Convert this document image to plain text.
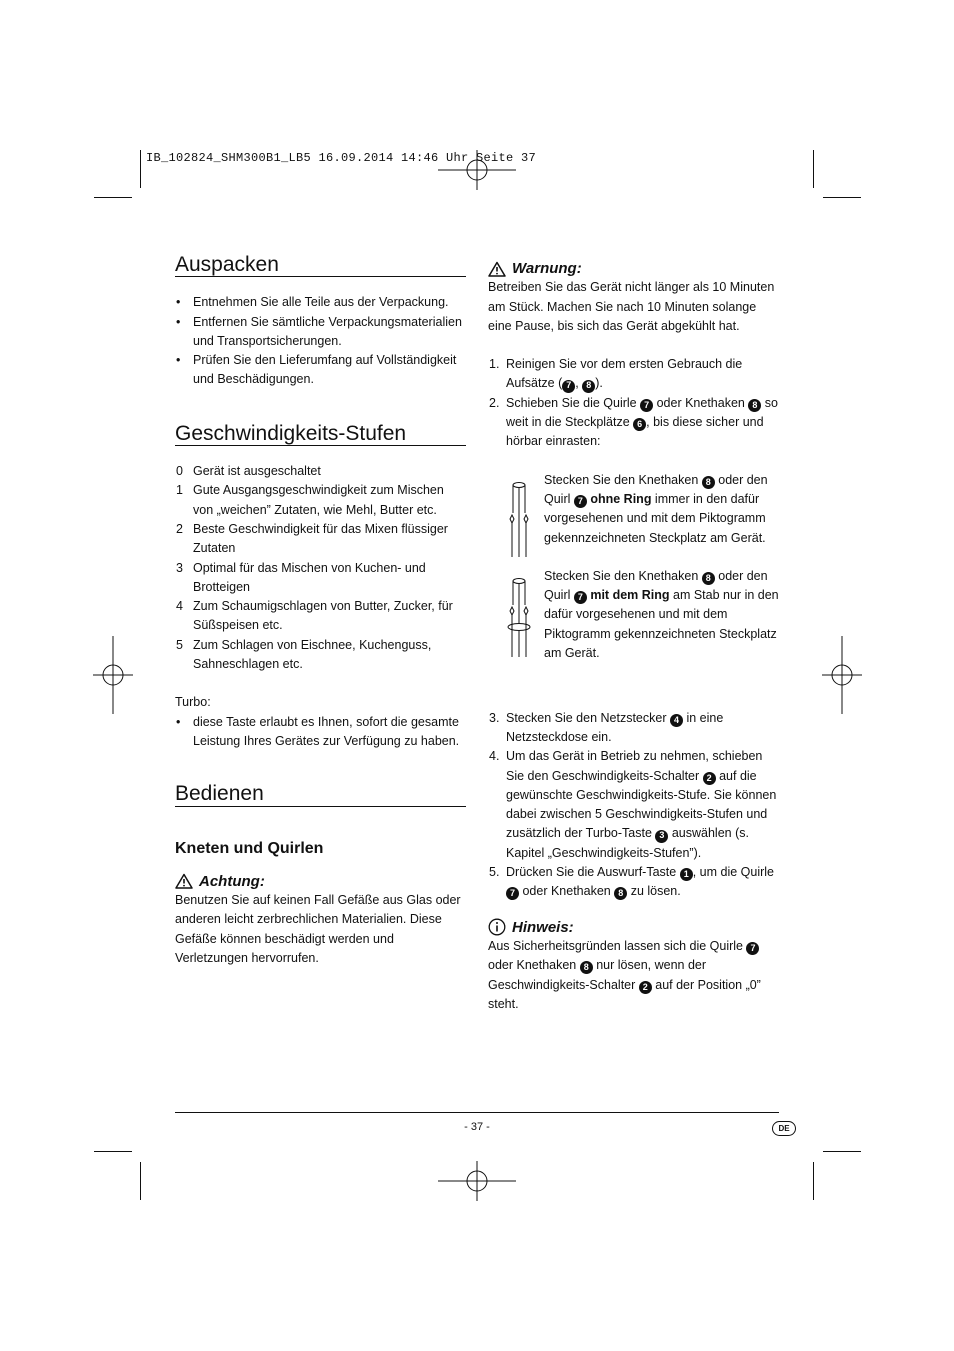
IB_102824_SHM300B1_LB5 16.09.2014 14:46 Uhr Seite 37
Auspacken
• Entnehmen Sie alle Teile aus der Verpackung.
• Entfernen Sie sämtliche Verpackungsmaterialien und Transportsicherungen.
• Prüfen Sie den Lieferumfang auf Vollständigkeit und Beschädigungen.
Geschwindigkeits-Stufen
0 Gerät ist ausgeschaltet
1 Gute Ausgangsgeschwindigkeit zum Mischen von „weichen” Zutaten, wie Mehl, Butter etc.
2 Beste Geschwindigkeit für das Mixen flüssiger Zutaten
3 Optimal für das Mischen von Kuchen- und Brotteigen
4 Zum Schaumigschlagen von Butter, Zucker, für Süßspeisen etc.
5 Zum Schlagen von Eischnee, Kuchenguss, Sahneschlagen etc.
Turbo:
• diese Taste erlaubt es Ihnen, sofort die gesamte Leistung Ihres Gerätes zur Verfügung zu haben.
Bedienen
Kneten und Quirlen
Achtung:
Benutzen Sie auf keinen Fall Gefäße aus Glas oder anderen leicht zerbrechlichen Materialien. Diese Gefäße können beschädigt werden und Verletzungen hervorrufen.
Warnung:
Betreiben Sie das Gerät nicht länger als 10 Minuten am Stück. Machen Sie nach 10 Minuten solange eine Pause, bis sich das Gerät abgekühlt hat.
1. Reinigen Sie vor dem ersten Gebrauch die Aufsätze ( 7 , 8 ).
2. Schieben Sie die Quirle 7 oder Knethaken 8 so weit in die Steckplätze 6 , bis diese sicher und hörbar einrasten:
Stecken Sie den Knethaken 8 oder den Quirl 7 ohne Ring immer in den dafür vorgesehenen und mit dem Piktogramm gekennzeichneten Steckplatz am Gerät.
Stecken Sie den Knethaken 8 oder den Quirl 7 mit dem Ring am Stab nur in den dafür vorgesehenen und mit dem Piktogramm gekennzeichneten Steckplatz am Gerät.
3. Stecken Sie den Netzstecker 4 in eine Netzsteckdose ein.
4. Um das Gerät in Betrieb zu nehmen, schieben Sie den Geschwindigkeits-Schalter 2 auf die gewünschte Geschwindigkeits-Stufe. Sie können dabei zwischen 5 Geschwindigkeits-Stufen und zusätzlich der Turbo-Taste 3 auswählen (s. Kapitel „Geschwindigkeits-Stufen”).
5. Drücken Sie die Auswurf-Taste 1 , um die Quirle 7 oder Knethaken 8 zu lösen.
Hinweis:
Aus Sicherheitsgründen lassen sich die Quirle 7 oder Knethaken 8 nur lösen, wenn der Geschwindigkeits-Schalter 2 auf der Position „0” steht.
- 37 -	DE
